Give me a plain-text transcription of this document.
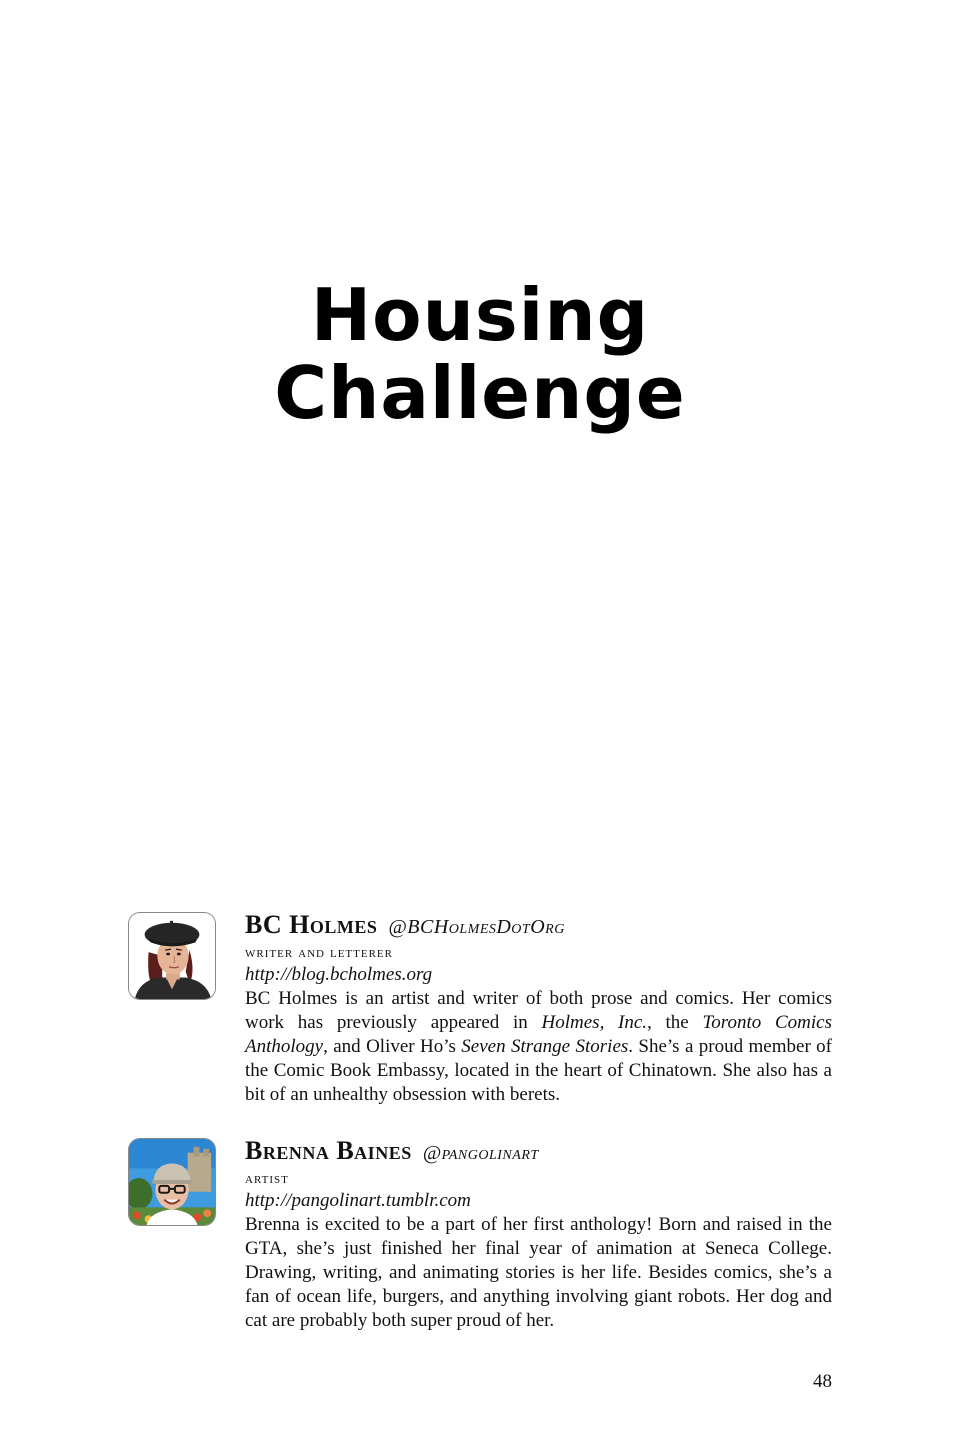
Housing
Challenge
BC Holmes @BCHolmesDotOrg
writer and letterer
http://blog.bcholmes.org

BC Holmes is an artist and writer of both prose and comics. Her comics work has previously appeared in Holmes, Inc., the Toronto Comics Anthology, and Oliver Ho’s Seven Strange Stories. She’s a proud member of the Comic Book Embassy, located in the heart of Chinatown. She also has a bit of an unhealthy obsession with berets.

Brenna Baines @pangolinart
artist
http://pangolinart.tumblr.com

Brenna is excited to be a part of her first anthology! Born and raised in the GTA, she’s just finished her final year of animation at Seneca College. Drawing, writing, and animating stories is her life. Besides comics, she’s a fan of ocean life, burgers, and anything involving giant robots. Her dog and cat are probably both super proud of her.

48
